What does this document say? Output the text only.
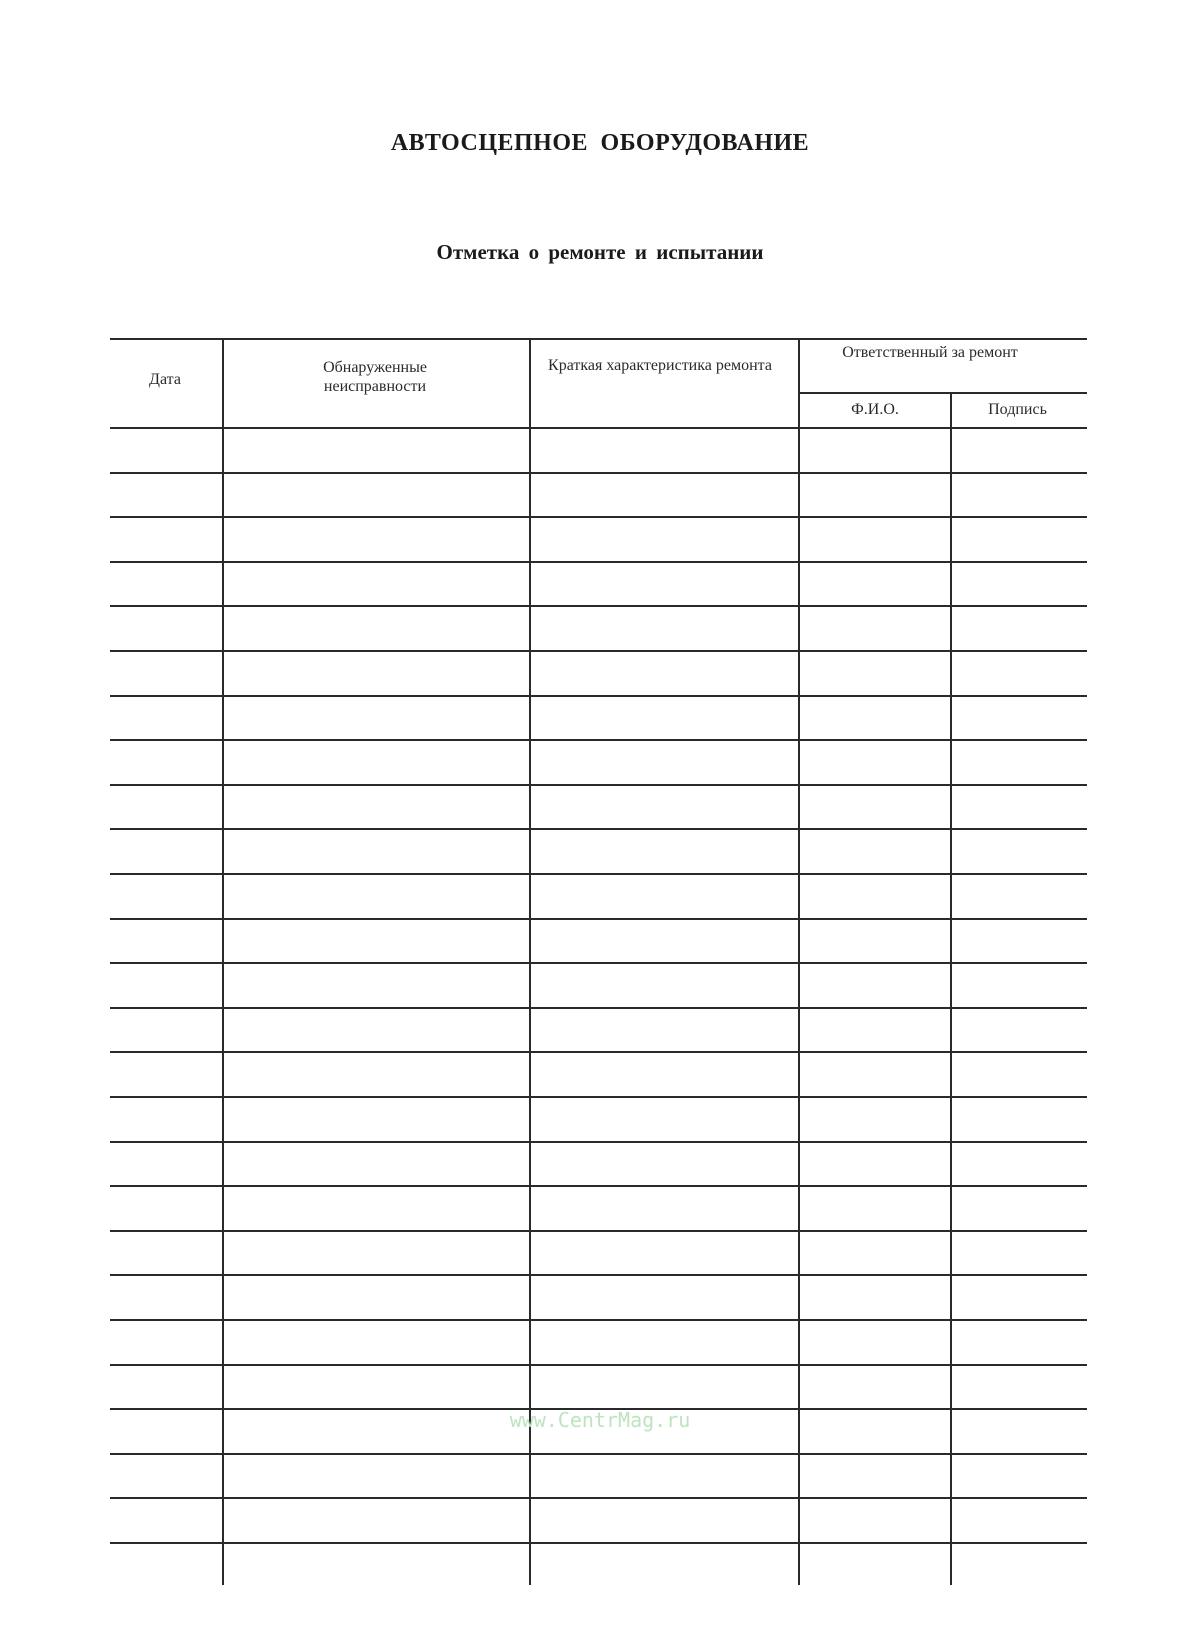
АВТОСЦЕПНОЕ ОБОРУДОВАНИЕ
Отметка о ремонте и испытании
Дата
Обнаруженные неисправности
Краткая характеристика ремонта
Ответственный за ремонт
Ф.И.О.	Подпись
www.CentrMag.ru
